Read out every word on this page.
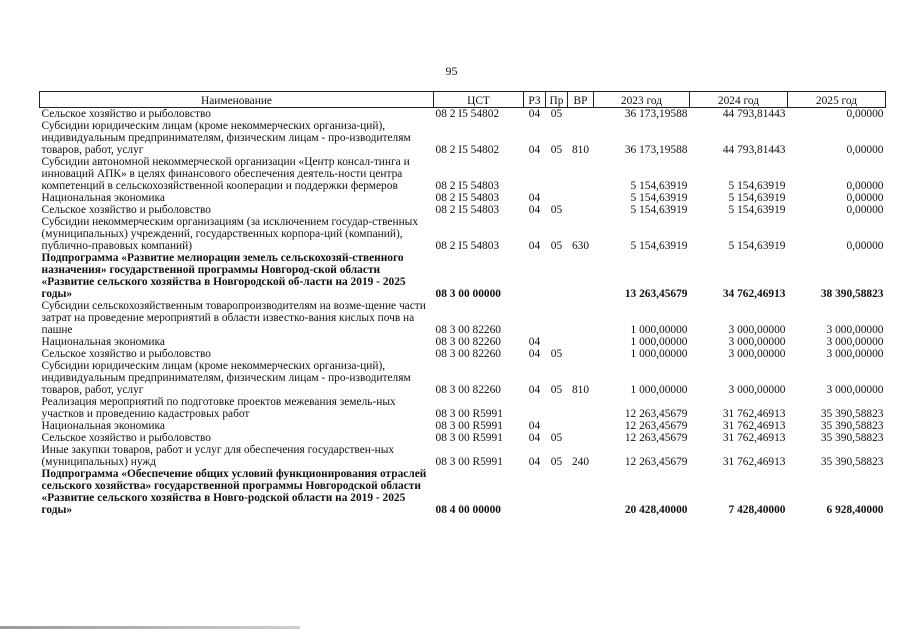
95
Наименование	ЦСТ	РЗ	Пр	ВР	2023 год	2024 год	2025 год
Сельское хозяйство и рыболовство	08 2 I5 54802	04	05		36 173,19588	44 793,81443	0,00000
Субсидии юридическим лицам (кроме некоммерческих организа-ций), индивидуальным предпринимателям, физическим лицам - про-изводителям товаров, работ, услуг	08 2 I5 54802	04	05	810	36 173,19588	44 793,81443	0,00000
Субсидии автономной некоммерческой организации «Центр консал-тинга и инноваций АПК» в целях финансового обеспечения деятель-ности центра компетенций в сельскохозяйственной кооперации и поддержки фермеров	08 2 I5 54803				5 154,63919	5 154,63919	0,00000
Национальная экономика	08 2 I5 54803	04			5 154,63919	5 154,63919	0,00000
Сельское хозяйство и рыболовство	08 2 I5 54803	04	05		5 154,63919	5 154,63919	0,00000
Субсидии некоммерческим организациям (за исключением государ-ственных (муниципальных) учреждений, государственных корпора-ций (компаний), публично-правовых компаний)	08 2 I5 54803	04	05	630	5 154,63919	5 154,63919	0,00000
Подпрограмма «Развитие мелиорации земель сельскохозяй-ственного назначения» государственной программы Новгород-ской области «Развитие сельского хозяйства в Новгородской об-ласти на 2019 - 2025 годы»	08 3 00 00000				13 263,45679	34 762,46913	38 390,58823
Субсидии сельскохозяйственным товаропроизводителям на возме-щение части затрат на проведение мероприятий в области известко-вания кислых почв на пашне	08 3 00 82260				1 000,00000	3 000,00000	3 000,00000
Национальная экономика	08 3 00 82260	04			1 000,00000	3 000,00000	3 000,00000
Сельское хозяйство и рыболовство	08 3 00 82260	04	05		1 000,00000	3 000,00000	3 000,00000
Субсидии юридическим лицам (кроме некоммерческих организа-ций), индивидуальным предпринимателям, физическим лицам - про-изводителям товаров, работ, услуг	08 3 00 82260	04	05	810	1 000,00000	3 000,00000	3 000,00000
Реализация мероприятий по подготовке проектов межевания земель-ных участков и проведению кадастровых работ	08 3 00 R5991				12 263,45679	31 762,46913	35 390,58823
Национальная экономика	08 3 00 R5991	04			12 263,45679	31 762,46913	35 390,58823
Сельское хозяйство и рыболовство	08 3 00 R5991	04	05		12 263,45679	31 762,46913	35 390,58823
Иные закупки товаров, работ и услуг для обеспечения государствен-ных (муниципальных) нужд	08 3 00 R5991	04	05	240	12 263,45679	31 762,46913	35 390,58823
Подпрограмма «Обеспечение общих условий функционирования отраслей сельского хозяйства» государственной программы Новгородской области «Развитие сельского хозяйства в Новго-родской области на 2019 - 2025 годы»	08 4 00 00000				20 428,40000	7 428,40000	6 928,40000
